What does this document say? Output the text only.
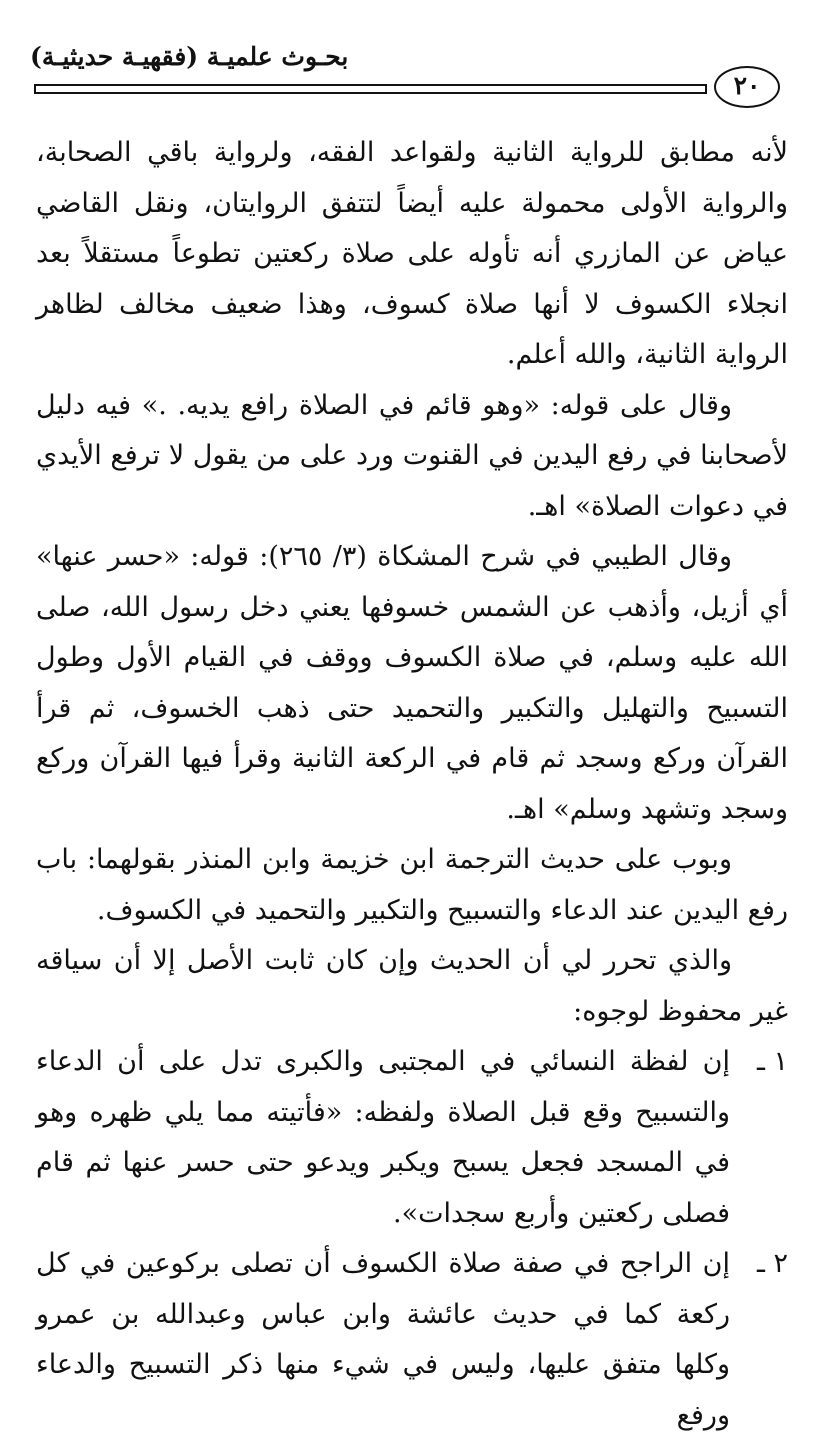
بحـوث علميـة (فقهيـة حديثيـة)
٢٠

لأنه مطابق للرواية الثانية ولقواعد الفقه، ولرواية باقي الصحابة، والرواية الأولى محمولة عليه أيضاً لتتفق الروايتان، ونقل القاضي عياض عن المازري أنه تأوله على صلاة ركعتين تطوعاً مستقلاً بعد انجلاء الكسوف لا أنها صلاة كسوف، وهذا ضعيف مخالف لظاهر الرواية الثانية، والله أعلم.

وقال على قوله: «وهو قائم في الصلاة رافع يديه. .» فيه دليل لأصحابنا في رفع اليدين في القنوت ورد على من يقول لا ترفع الأيدي في دعوات الصلاة» اهـ.

وقال الطيبي في شرح المشكاة (٣/ ٢٦٥): قوله: «حسر عنها» أي أزيل، وأذهب عن الشمس خسوفها يعني دخل رسول الله، صلى الله عليه وسلم، في صلاة الكسوف ووقف في القيام الأول وطول التسبيح والتهليل والتكبير والتحميد حتى ذهب الخسوف، ثم قرأ القرآن وركع وسجد ثم قام في الركعة الثانية وقرأ فيها القرآن وركع وسجد وتشهد وسلم» اهـ.

وبوب على حديث الترجمة ابن خزيمة وابن المنذر بقولهما: باب رفع اليدين عند الدعاء والتسبيح والتكبير والتحميد في الكسوف.

والذي تحرر لي أن الحديث وإن كان ثابت الأصل إلا أن سياقه غير محفوظ لوجوه:

١ ـ

إن لفظة النسائي في المجتبى والكبرى تدل على أن الدعاء والتسبيح وقع قبل الصلاة ولفظه: «فأتيته مما يلي ظهره وهو في المسجد فجعل يسبح ويكبر ويدعو حتى حسر عنها ثم قام فصلى ركعتين وأربع سجدات».

٢ ـ

إن الراجح في صفة صلاة الكسوف أن تصلى بركوعين في كل ركعة كما في حديث عائشة وابن عباس وعبدالله بن عمرو وكلها متفق عليها، وليس في شيء منها ذكر التسبيح والدعاء ورفع
